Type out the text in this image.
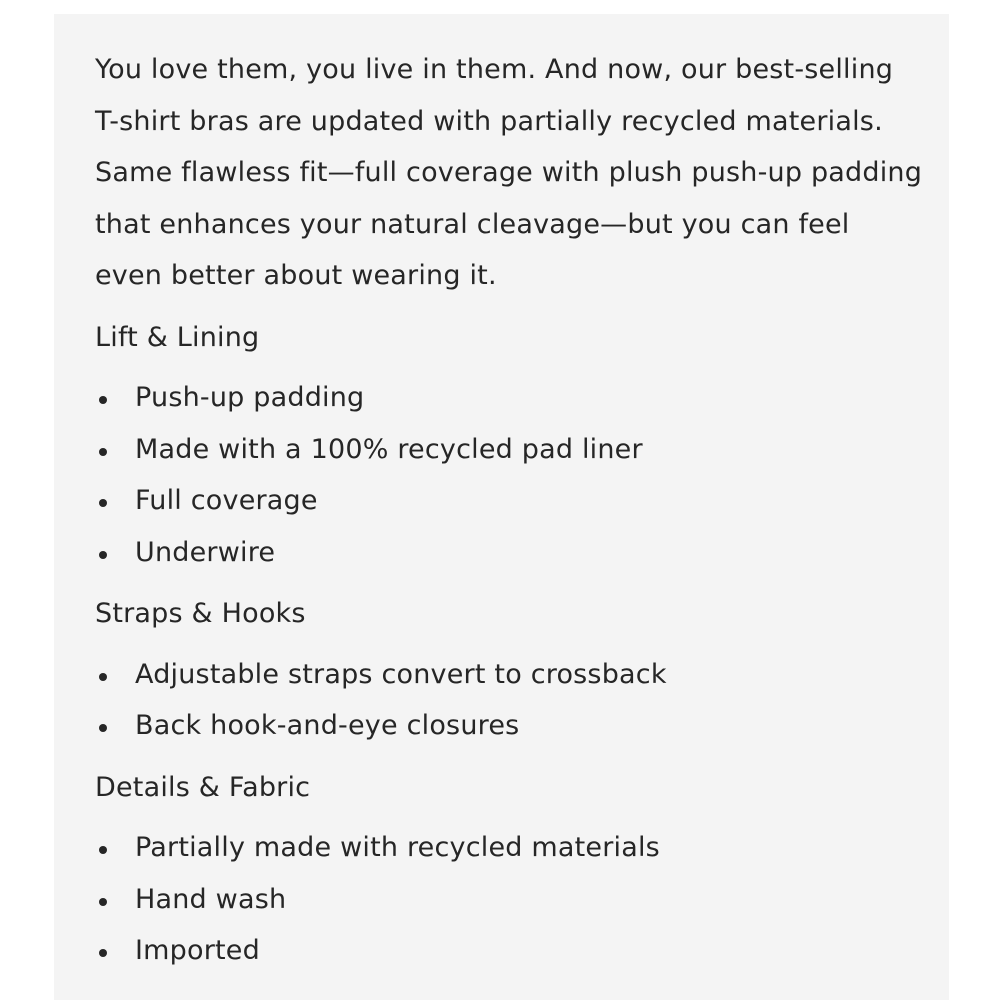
You love them, you live in them. And now, our best-selling T-shirt bras are updated with partially recycled materials. Same flawless fit—full coverage with plush push-up padding that enhances your natural cleavage—but you can feel even better about wearing it.

Lift & Lining
Push-up padding
Made with a 100% recycled pad liner
Full coverage
Underwire
Straps & Hooks
Adjustable straps convert to crossback
Back hook-and-eye closures
Details & Fabric
Partially made with recycled materials
Hand wash
Imported
